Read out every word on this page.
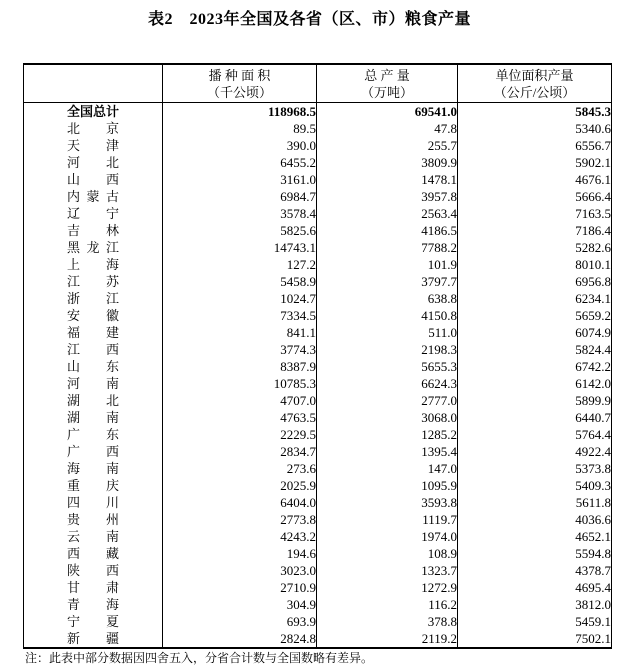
表2　2023年全国及各省（区、市）粮食产量

播 种 面 积
（千公顷）

总 产 量
（万吨）

单位面积产量
（公斤/公顷）

全国总计	118968.5	69541.0	5845.3
北京	89.5	47.8	5340.6
天津	390.0	255.7	6556.7
河北	6455.2	3809.9	5902.1
山西	3161.0	1478.1	4676.1
内蒙古	6984.7	3957.8	5666.4
辽宁	3578.4	2563.4	7163.5
吉林	5825.6	4186.5	7186.4
黑龙江	14743.1	7788.2	5282.6
上海	127.2	101.9	8010.1
江苏	5458.9	3797.7	6956.8
浙江	1024.7	638.8	6234.1
安徽	7334.5	4150.8	5659.2
福建	841.1	511.0	6074.9
江西	3774.3	2198.3	5824.4
山东	8387.9	5655.3	6742.2
河南	10785.3	6624.3	6142.0
湖北	4707.0	2777.0	5899.9
湖南	4763.5	3068.0	6440.7
广东	2229.5	1285.2	5764.4
广西	2834.7	1395.4	4922.4
海南	273.6	147.0	5373.8
重庆	2025.9	1095.9	5409.3
四川	6404.0	3593.8	5611.8
贵州	2773.8	1119.7	4036.6
云南	4243.2	1974.0	4652.1
西藏	194.6	108.9	5594.8
陕西	3023.0	1323.7	4378.7
甘肃	2710.9	1272.9	4695.4
青海	304.9	116.2	3812.0
宁夏	693.9	378.8	5459.1
新疆	2824.8	2119.2	7502.1

注：此表中部分数据因四舍五入，分省合计数与全国数略有差异。
